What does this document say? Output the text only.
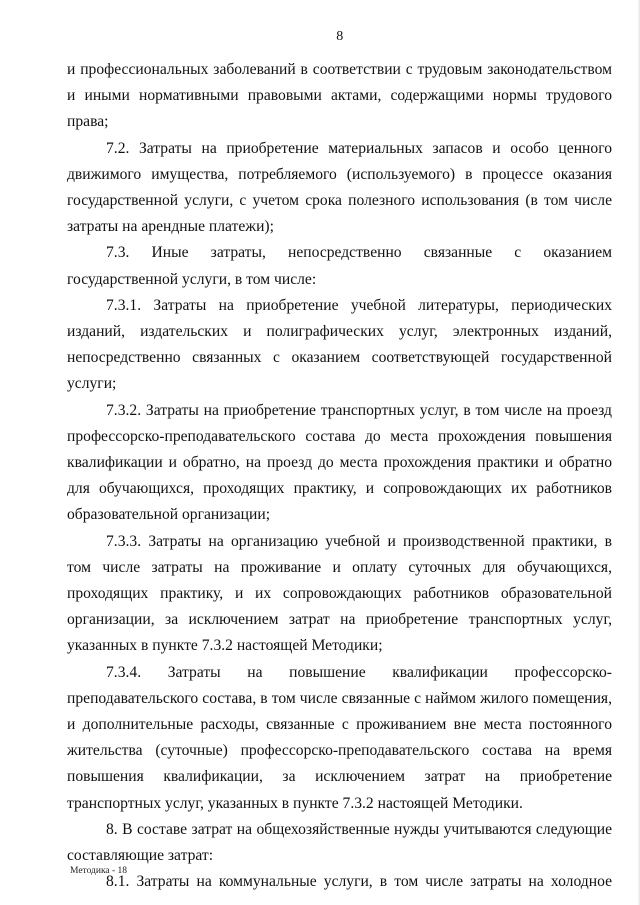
8

и профессиональных заболеваний в соответствии с трудовым законодательством и иными нормативными правовыми актами, содержащими нормы трудового права;

7.2. Затраты на приобретение материальных запасов и особо ценного движимого имущества, потребляемого (используемого) в процессе оказания государственной услуги, с учетом срока полезного использования (в том числе затраты на арендные платежи);

7.3. Иные затраты, непосредственно связанные с оказанием государственной услуги, в том числе:

7.3.1. Затраты на приобретение учебной литературы, периодических изданий, издательских и полиграфических услуг, электронных изданий, непосредственно связанных с оказанием соответствующей государственной услуги;

7.3.2. Затраты на приобретение транспортных услуг, в том числе на проезд профессорско-преподавательского состава до места прохождения повышения квалификации и обратно, на проезд до места прохождения практики и обратно для обучающихся, проходящих практику, и сопровождающих их работников образовательной организации;

7.3.3. Затраты на организацию учебной и производственной практики, в том числе затраты на проживание и оплату суточных для обучающихся, проходящих практику, и их сопровождающих работников образовательной организации, за исключением затрат на приобретение транспортных услуг, указанных в пункте 7.3.2 настоящей Методики;

7.3.4. Затраты на повышение квалификации профессорско-преподавательского состава, в том числе связанные с наймом жилого помещения, и дополнительные расходы, связанные с проживанием вне места постоянного жительства (суточные) профессорско-преподавательского состава на время повышения квалификации, за исключением затрат на приобретение транспортных услуг, указанных в пункте 7.3.2 настоящей Методики.

8. В составе затрат на общехозяйственные нужды учитываются следующие составляющие затрат:

8.1. Затраты на коммунальные услуги, в том числе затраты на холодное

Методика - 18
